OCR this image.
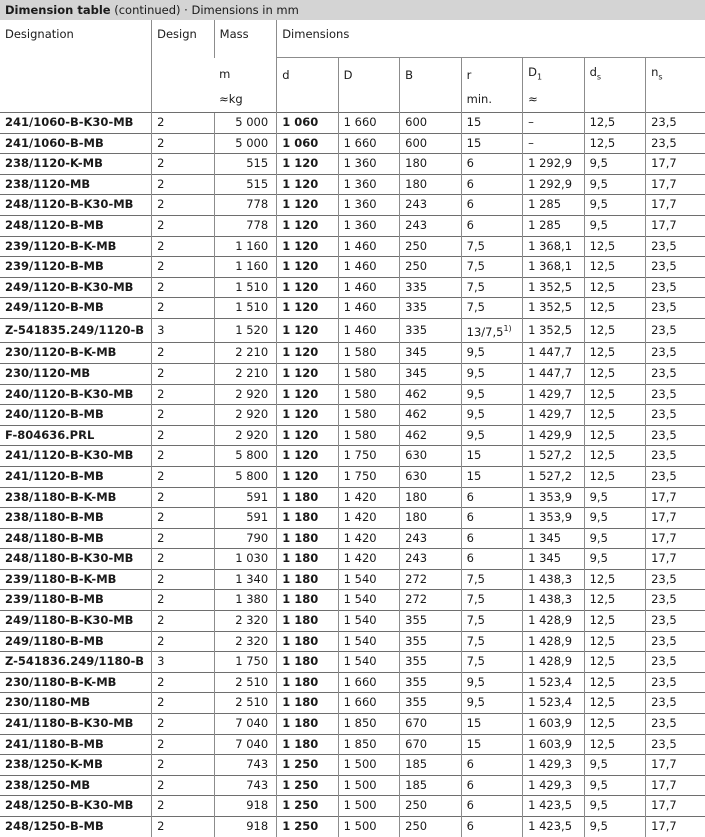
Dimension table (continued) · Dimensions in mm
Designation	Design	Mass	Dimensions						
		m	d	D	B	r	$D_1$	$d_s$	$n_s$
		≈kg				min.	≈		
241/1060-B-K30-MB	2	5 000	1 060	1 660	600	15	–	12,5	23,5
241/1060-B-MB	2	5 000	1 060	1 660	600	15	–	12,5	23,5
238/1120-K-MB	2	515	1 120	1 360	180	6	1 292,9	9,5	17,7
238/1120-MB	2	515	1 120	1 360	180	6	1 292,9	9,5	17,7
248/1120-B-K30-MB	2	778	1 120	1 360	243	6	1 285	9,5	17,7
248/1120-B-MB	2	778	1 120	1 360	243	6	1 285	9,5	17,7
239/1120-B-K-MB	2	1 160	1 120	1 460	250	7,5	1 368,1	12,5	23,5
239/1120-B-MB	2	1 160	1 120	1 460	250	7,5	1 368,1	12,5	23,5
249/1120-B-K30-MB	2	1 510	1 120	1 460	335	7,5	1 352,5	12,5	23,5
249/1120-B-MB	2	1 510	1 120	1 460	335	7,5	1 352,5	12,5	23,5
Z-541835.249/1120-B	3	1 520	1 120	1 460	335	13/7,5$^{1)}$	1 352,5	12,5	23,5
230/1120-B-K-MB	2	2 210	1 120	1 580	345	9,5	1 447,7	12,5	23,5
230/1120-MB	2	2 210	1 120	1 580	345	9,5	1 447,7	12,5	23,5
240/1120-B-K30-MB	2	2 920	1 120	1 580	462	9,5	1 429,7	12,5	23,5
240/1120-B-MB	2	2 920	1 120	1 580	462	9,5	1 429,7	12,5	23,5
F-804636.PRL	2	2 920	1 120	1 580	462	9,5	1 429,9	12,5	23,5
241/1120-B-K30-MB	2	5 800	1 120	1 750	630	15	1 527,2	12,5	23,5
241/1120-B-MB	2	5 800	1 120	1 750	630	15	1 527,2	12,5	23,5
238/1180-B-K-MB	2	591	1 180	1 420	180	6	1 353,9	9,5	17,7
238/1180-B-MB	2	591	1 180	1 420	180	6	1 353,9	9,5	17,7
248/1180-B-MB	2	790	1 180	1 420	243	6	1 345	9,5	17,7
248/1180-B-K30-MB	2	1 030	1 180	1 420	243	6	1 345	9,5	17,7
239/1180-B-K-MB	2	1 340	1 180	1 540	272	7,5	1 438,3	12,5	23,5
239/1180-B-MB	2	1 380	1 180	1 540	272	7,5	1 438,3	12,5	23,5
249/1180-B-K30-MB	2	2 320	1 180	1 540	355	7,5	1 428,9	12,5	23,5
249/1180-B-MB	2	2 320	1 180	1 540	355	7,5	1 428,9	12,5	23,5
Z-541836.249/1180-B	3	1 750	1 180	1 540	355	7,5	1 428,9	12,5	23,5
230/1180-B-K-MB	2	2 510	1 180	1 660	355	9,5	1 523,4	12,5	23,5
230/1180-MB	2	2 510	1 180	1 660	355	9,5	1 523,4	12,5	23,5
241/1180-B-K30-MB	2	7 040	1 180	1 850	670	15	1 603,9	12,5	23,5
241/1180-B-MB	2	7 040	1 180	1 850	670	15	1 603,9	12,5	23,5
238/1250-K-MB	2	743	1 250	1 500	185	6	1 429,3	9,5	17,7
238/1250-MB	2	743	1 250	1 500	185	6	1 429,3	9,5	17,7
248/1250-B-K30-MB	2	918	1 250	1 500	250	6	1 423,5	9,5	17,7
248/1250-B-MB	2	918	1 250	1 500	250	6	1 423,5	9,5	17,7
